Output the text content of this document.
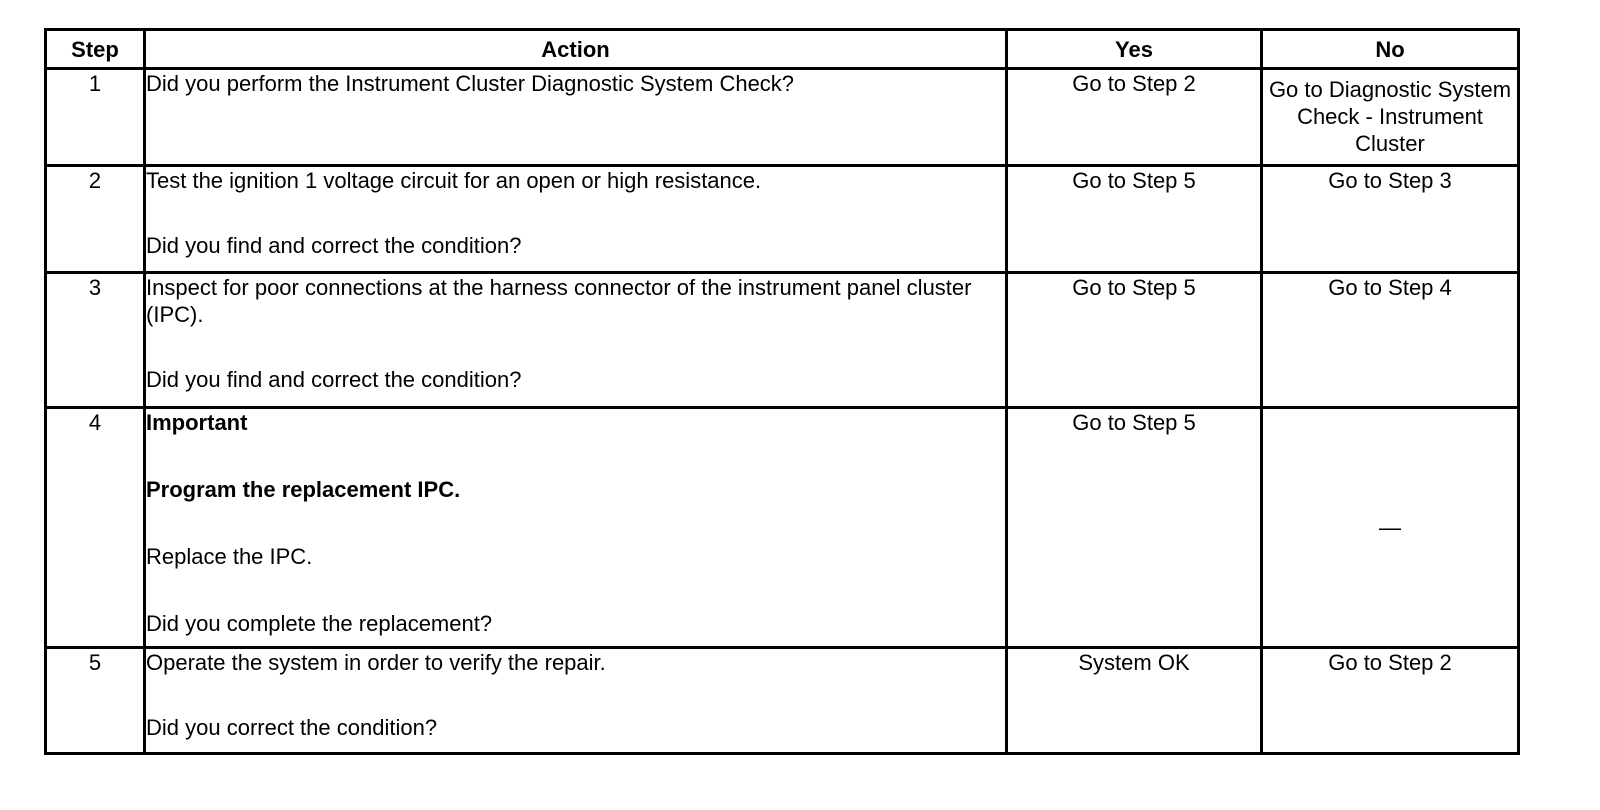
Step	Action	Yes	No
1	Did you perform the Instrument Cluster Diagnostic System Check?	Go to Step 2	Go to Diagnostic System Check - Instrument Cluster
2	Test the ignition 1 voltage circuit for an open or high resistance.
Did you find and correct the condition?	Go to Step 5	Go to Step 3
3	Inspect for poor connections at the harness connector of the instrument panel cluster (IPC).
Did you find and correct the condition?	Go to Step 5	Go to Step 4
4	Important
Program the replacement IPC.
Replace the IPC.
Did you complete the replacement?	Go to Step 5	—
5	Operate the system in order to verify the repair.
Did you correct the condition?	System OK	Go to Step 2
